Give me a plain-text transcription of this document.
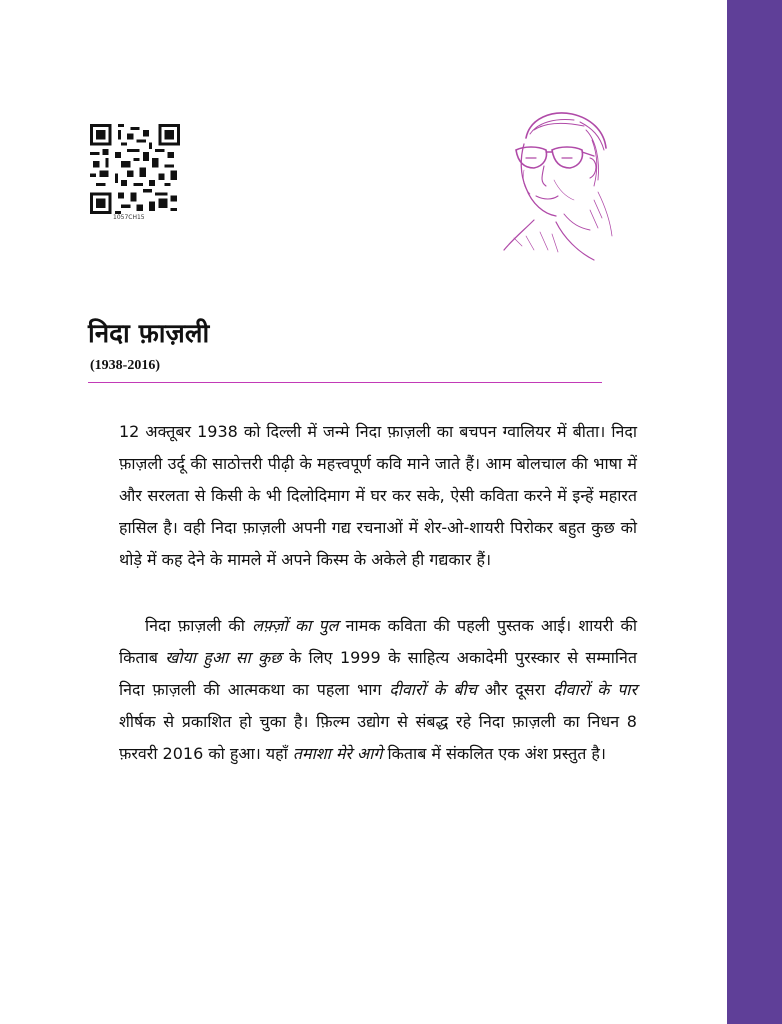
1057CH15
निदा फ़ाज़ली
(1938-2016)

12 अक्तूबर 1938 को दिल्ली में जन्मे निदा फ़ाज़ली का बचपन ग्वालियर में बीता। निदा फ़ाज़ली उर्दू की साठोत्तरी पीढ़ी के महत्त्वपूर्ण कवि माने जाते हैं। आम बोलचाल की भाषा में और सरलता से किसी के भी दिलोदिमाग में घर कर सके, ऐसी कविता करने में इन्हें महारत हासिल है। वही निदा फ़ाज़ली अपनी गद्य रचनाओं में शेर-ओ-शायरी पिरोकर बहुत कुछ को थोड़े में कह देने के मामले में अपने किस्म के अकेले ही गद्यकार हैं।

निदा फ़ाज़ली की लफ़्ज़ों का पुल नामक कविता की पहली पुस्तक आई। शायरी की किताब खोया हुआ सा कुछ के लिए 1999 के साहित्य अकादेमी पुरस्कार से सम्मानित निदा फ़ाज़ली की आत्मकथा का पहला भाग दीवारों के बीच और दूसरा दीवारों के पार शीर्षक से प्रकाशित हो चुका है। फ़िल्म उद्योग से संबद्ध रहे निदा फ़ाज़ली का निधन 8 फ़रवरी 2016 को हुआ। यहाँ तमाशा मेरे आगे किताब में संकलित एक अंश प्रस्तुत है।
